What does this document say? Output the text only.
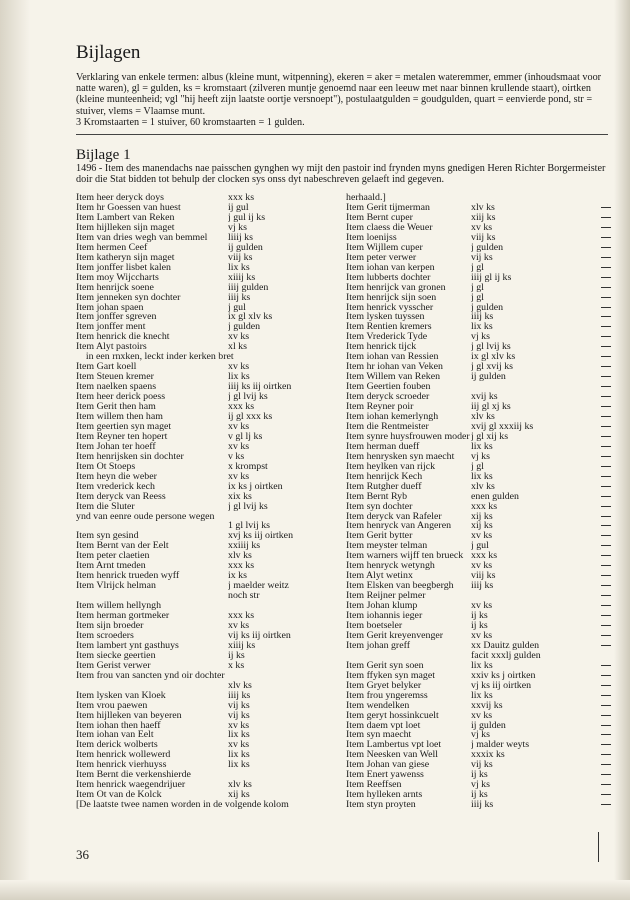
Bijlagen
Verklaring van enkele termen: albus (kleine munt, witpenning), ekeren = aker = metalen wateremmer, emmer (inhoudsmaat voor natte waren), gl = gulden, ks = kromstaart (zilveren muntje genoemd naar een leeuw met naar binnen krullende staart), oirtken (kleine munteenheid; vgl "hij heeft zijn laatste oortje versnoept"), postulaatgulden = goudgulden, quart = eenvierde pond, str = stuiver, vlems = Vlaamse munt.
3 Kromstaarten = 1 stuiver, 60 kromstaarten = 1 gulden.
Bijlage 1
1496 - Item des manendachs nae paisschen gynghen wy mijt den pastoir ind frynden myns gnedigen Heren Richter Borgermeister doir die Stat bidden tot behulp der clocken sys onss dyt nabeschreven gelaeft ind gegeven.
Item heer deryck doys	xxx ks
Item hr Goessen van huest	ij gul
Item Lambert van Reken	j gul ij ks
Item hijlleken sijn maget	vj ks
Item van dries wegh van bemmel	liiij ks
Item hermen Ceef	ij gulden
Item katheryn sijn maget	viij ks
Item jonffer lisbet kalen	lix ks
Item moy Wijccharts	xiiij ks
Item henrijck soene	iiij gulden
Item jenneken syn dochter	iiij ks
Item johan spaen	j gul
Item jonffer sgreven	ix gl xlv ks
Item jonffer ment	j gulden
Item henrick die knecht	xv ks
Item Alyt pastoirs	xl ks
in een rnxken, leckt inder kerken bret
Item Gart koell	xv ks
Item Steuen kremer	lix ks
Item naelken spaens	iiij ks iij oirtken
Item heer derick poess	j gl lvij ks
Item Gerit then ham	xxx ks
Item willem then ham	ij gl xxx ks
Item geertien syn maget	xv ks
Item Reyner ten hopert	v gl lj ks
Item Johan ter hoeff	xv ks
Item henrijsken sin dochter	v ks
Item Ot Stoeps	x krompst
Item heyn die weber	xv ks
Item vrederick kech	ix ks j oirtken
Item deryck van Reess	xix ks
Item die Sluter	j gl lvij ks
ynd van eenre oude persone wegen
1 gl lvij ks
Item syn gesind	xvj ks iij oirtken
Item Bernt van der Eelt	xxiiij ks
Item peter claetien	xlv ks
Item Arnt tmeden	xxx ks
Item henrick trueden wyff	ix ks
Item Vlrijck helman	j maelder weitz
noch str
Item willem hellyngh
Item herman gortmeker	xxx ks
Item sijn broeder	xv ks
Item scroeders	vij ks iij oirtken
Item lambert ynt gasthuys	xiiij ks
Item siecke geertien	ij ks
Item Gerist verwer	x ks
Item frou van sancten ynd oir dochter
xlv ks
Item lysken van Kloek	iiij ks
Item vrou paewen	vij ks
Item hijlleken van beyeren	vij ks
Item iohan then haeff	xv ks
Item iohan van Eelt	lix ks
Item derick wolberts	xv ks
Item henrick wollewerd	lix ks
Item henrick vierhuyss	lix ks
Item Bernt die verkenshierde
Item henrick waegendrijuer	xlv ks
Item Ot van de Kolck	xij ks
[De laatste twee namen worden in de volgende kolom
herhaald.]
Item Gerit tijmerman	xlv ks
Item Bernt cuper	xiij ks
Item claess die Weuer	xv ks
Item loenijss	viij ks
Item Wijllem cuper	j gulden
Item peter verwer	vij ks
Item iohan van kerpen	j gl
Item lubberts dochter	iiij gl ij ks
Item henrijck van gronen	j gl
Item henrijck sijn soen	j gl
Item henrick vysscher	j gulden
Item lysken tuyssen	iiij ks
Item Rentien kremers	lix ks
Item Vrederick Tyde	vj ks
Item henrick tijck	j gl lvij ks
Item iohan van Ressien	ix gl xlv ks
Item hr iohan van Veken	j gl xvij ks
Item Willem van Reken	ij gulden
Item Geertien fouben
Item deryck scroeder	xvij ks
Item Reyner poir	iij gl xj ks
Item iohan kemerlyngh	xlv ks
Item die Rentmeister	xvij gl xxxiij ks
Item synre huysfrouwen moder j gl xij ks
Item herman dueff	lix ks
Item henrysken syn maecht	vj ks
Item heylken van rijck	j gl
Item henrijck Kech	lix ks
Item Rutgher dueff	xlv ks
Item Bernt Ryb	enen gulden
Item syn dochter	xxx ks
Item deryck van Rafeler	xij ks
Item henryck van Angeren	xij ks
Item Gerit bytter	xv ks
Item meyster telman	j gul
Item warners wijff ten brueck xxx ks
Item henryck wetyngh	xv ks
Item Alyt wetinx	viij ks
Item Elsken van beegbergh	iiij ks
Item Reijner pelmer
Item Johan klump	xv ks
Item iohannis ieger	ij ks
Item boetseler	ij ks
Item Gerit kreyenvenger	xv ks
Item johan greff	xx Dauitz gulden
facit xxxlj gulden
Item Gerit syn soen	lix ks
Item ffyken syn maget	xxiv ks j oirtken
Item Gryet belyker	vj ks iij oirtken
Item frou yngeremss	lix ks
Item wendelken	xxvij ks
Item geryt hossinkcuelt	xv ks
Item daem vpt loet	ij gulden
Item syn maecht	vj ks
Item Lambertus vpt loet	j malder weyts
Item Neesken van Well	xxxix ks
Item Johan van giese	vij ks
Item Enert yawenss	ij ks
Item Reeffsen	vj ks
Item hylleken arnts	ij ks
Item styn proyten	iiij ks
36
